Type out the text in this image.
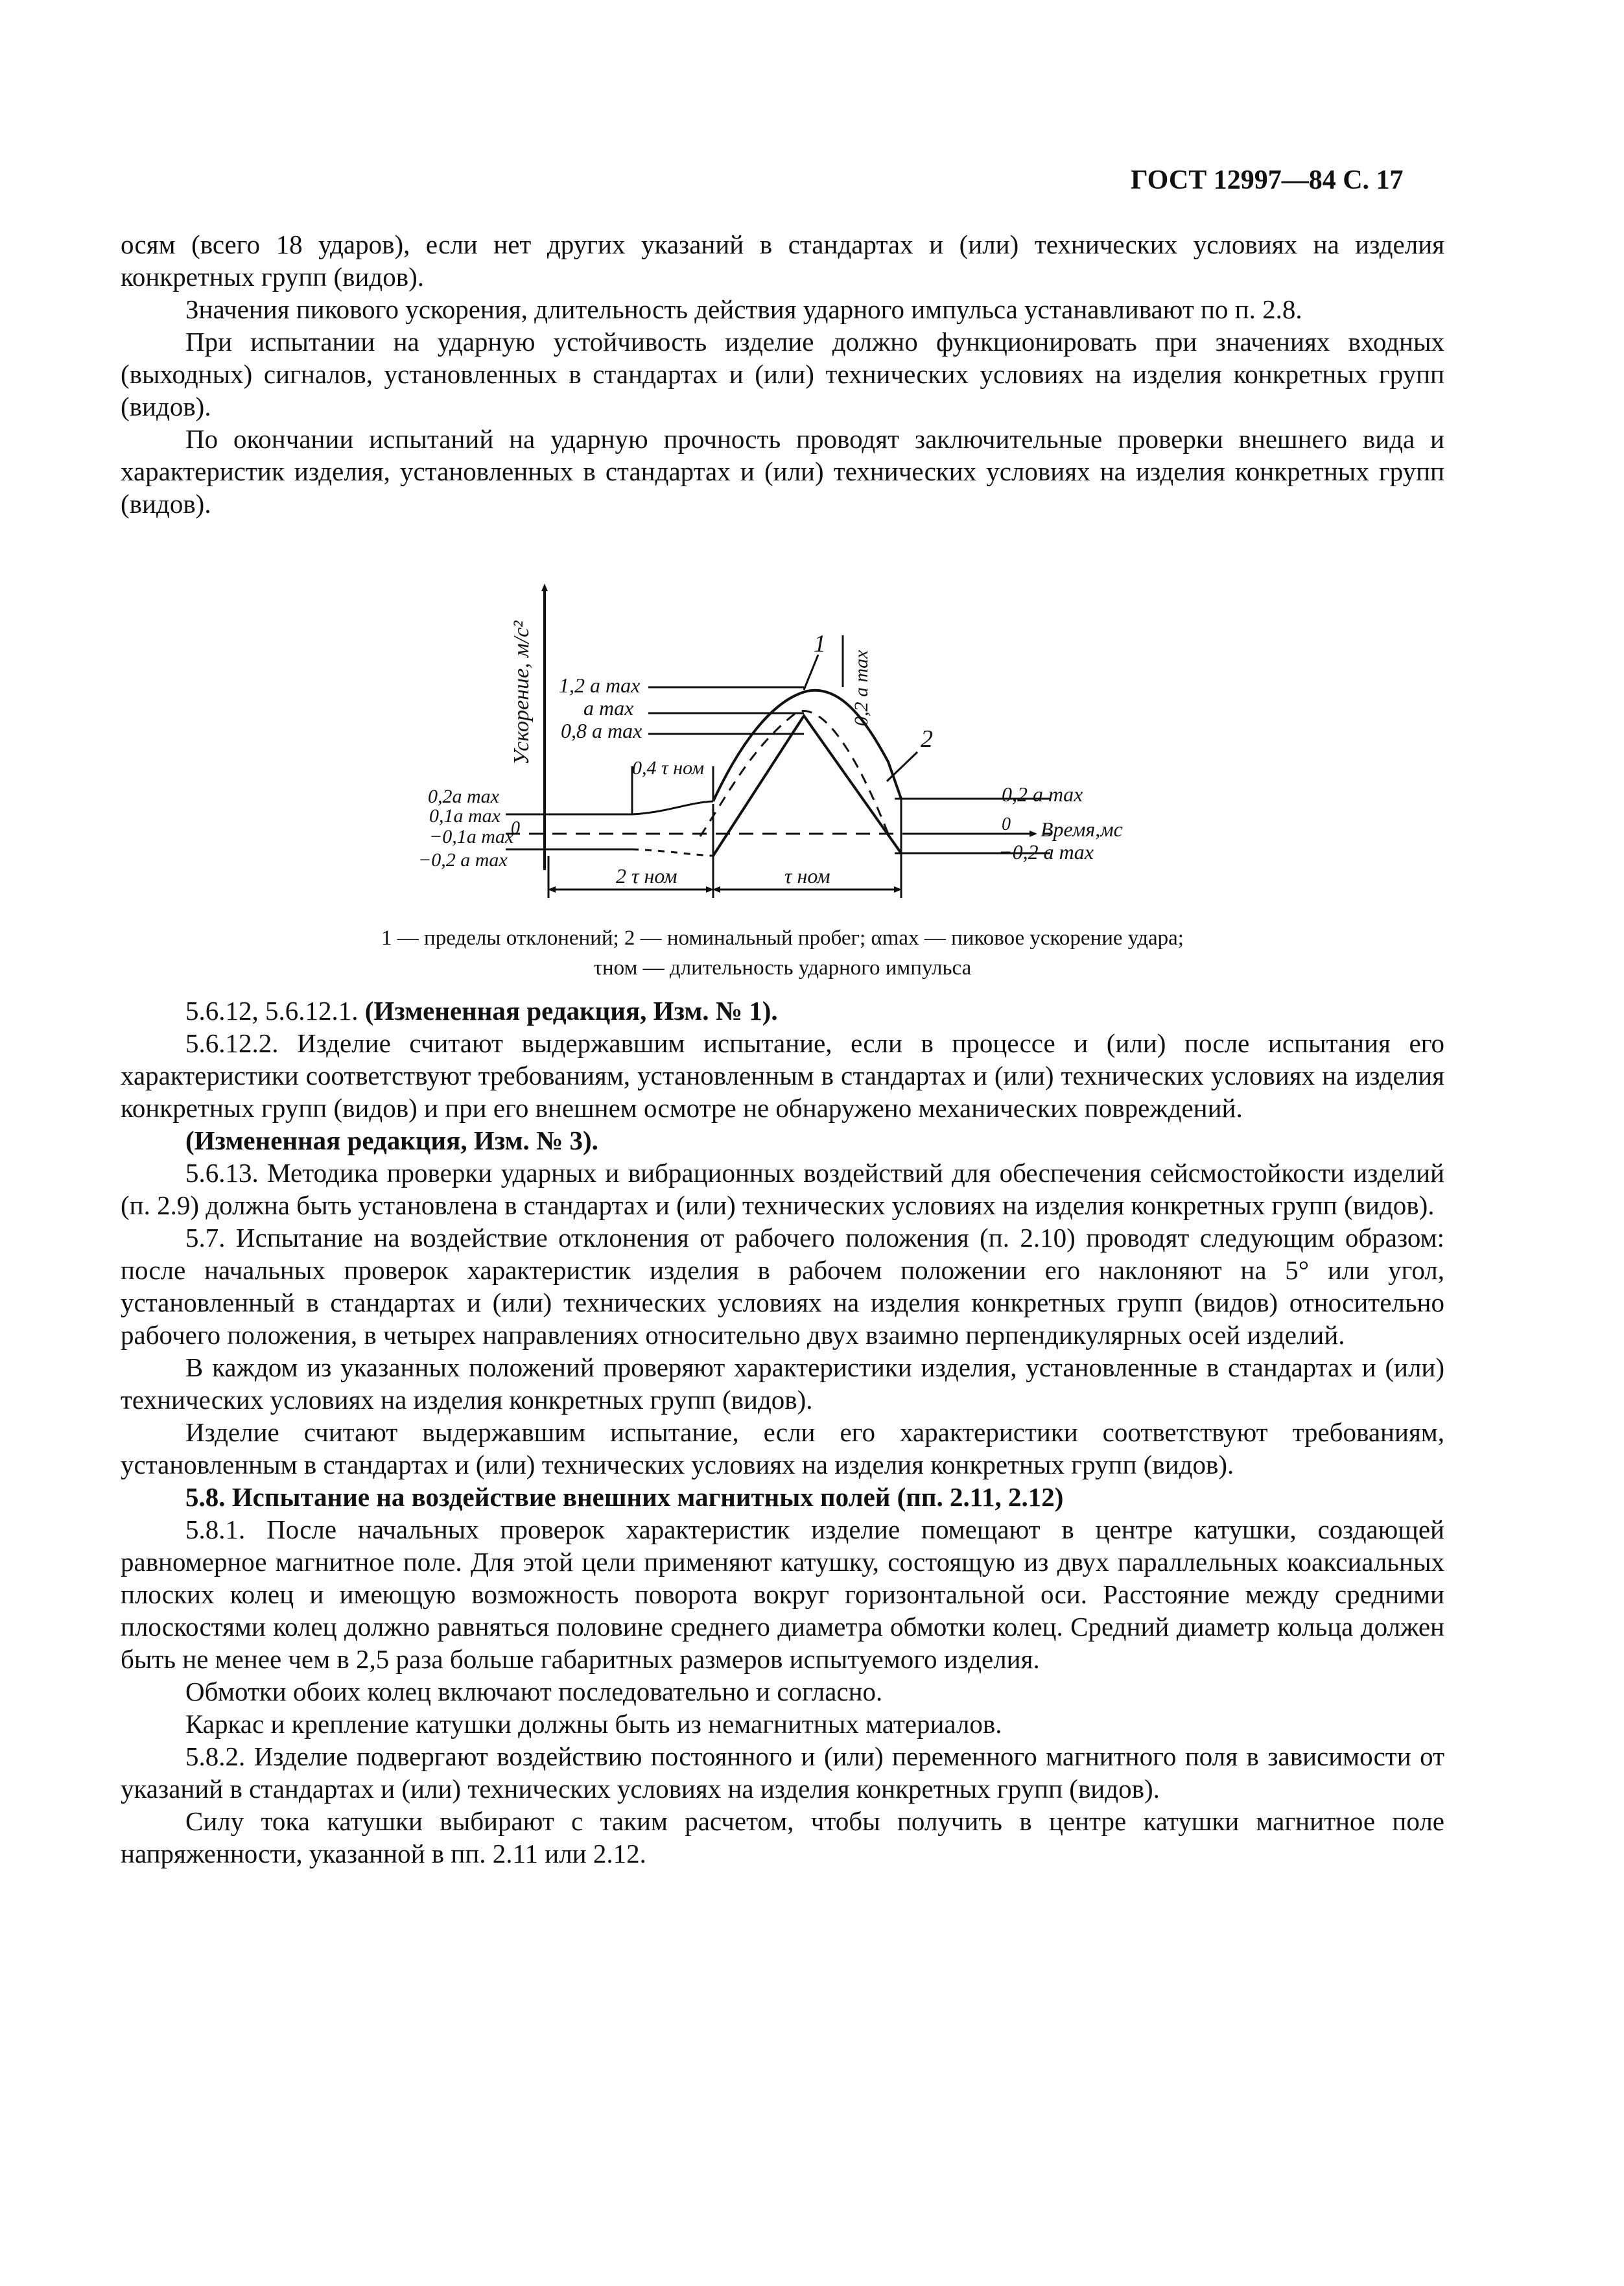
ГОСТ 12997—84 С. 17

осям (всего 18 ударов), если нет других указаний в стандартах и (или) технических условиях на изделия конкретных групп (видов).

Значения пикового ускорения, длительность действия ударного импульса устанавливают по п. 2.8.

При испытании на ударную устойчивость изделие должно функционировать при значениях входных (выходных) сигналов, установленных в стандартах и (или) технических условиях на изделия конкретных групп (видов).

По окончании испытаний на ударную прочность проводят заключительные проверки внешнего вида и характеристик изделия, установленных в стандартах и (или) технических условиях на изделия конкретных групп (видов).

Ускорение, м/с²	1
2
0,2 a max
1,2 a max
a max
0,8 a max
0,4 τ ном
0,2a max
0,1a max
−0,1a max
−0,2 a max
0
0,2 a max
0
−0,2 a max
Время,мс
2 τ ном	τ ном
1 — пределы отклонений; 2 — номинальный пробег; αmax — пиковое ускорение удара;
τном — длительность ударного импульса

5.6.12, 5.6.12.1. (Измененная редакция, Изм. № 1).

5.6.12.2. Изделие считают выдержавшим испытание, если в процессе и (или) после испытания его характеристики соответствуют требованиям, установленным в стандартах и (или) технических условиях на изделия конкретных групп (видов) и при его внешнем осмотре не обнаружено механических повреждений.

(Измененная редакция, Изм. № 3).

5.6.13. Методика проверки ударных и вибрационных воздействий для обеспечения сейсмостойкости изделий (п. 2.9) должна быть установлена в стандартах и (или) технических условиях на изделия конкретных групп (видов).

5.7. Испытание на воздействие отклонения от рабочего положения (п. 2.10) проводят следующим образом: после начальных проверок характеристик изделия в рабочем положении его наклоняют на 5° или угол, установленный в стандартах и (или) технических условиях на изделия конкретных групп (видов) относительно рабочего положения, в четырех направлениях относительно двух взаимно перпендикулярных осей изделий.

В каждом из указанных положений проверяют характеристики изделия, установленные в стандартах и (или) технических условиях на изделия конкретных групп (видов).

Изделие считают выдержавшим испытание, если его характеристики соответствуют требованиям, установленным в стандартах и (или) технических условиях на изделия конкретных групп (видов).

5.8. Испытание на воздействие внешних магнитных полей (пп. 2.11, 2.12)

5.8.1. После начальных проверок характеристик изделие помещают в центре катушки, создающей равномерное магнитное поле. Для этой цели применяют катушку, состоящую из двух параллельных коаксиальных плоских колец и имеющую возможность поворота вокруг горизонтальной оси. Расстояние между средними плоскостями колец должно равняться половине среднего диаметра обмотки колец. Средний диаметр кольца должен быть не менее чем в 2,5 раза больше габаритных размеров испытуемого изделия.

Обмотки обоих колец включают последовательно и согласно.

Каркас и крепление катушки должны быть из немагнитных материалов.

5.8.2. Изделие подвергают воздействию постоянного и (или) переменного магнитного поля в зависимости от указаний в стандартах и (или) технических условиях на изделия конкретных групп (видов).

Силу тока катушки выбирают с таким расчетом, чтобы получить в центре катушки магнитное поле напряженности, указанной в пп. 2.11 или 2.12.
